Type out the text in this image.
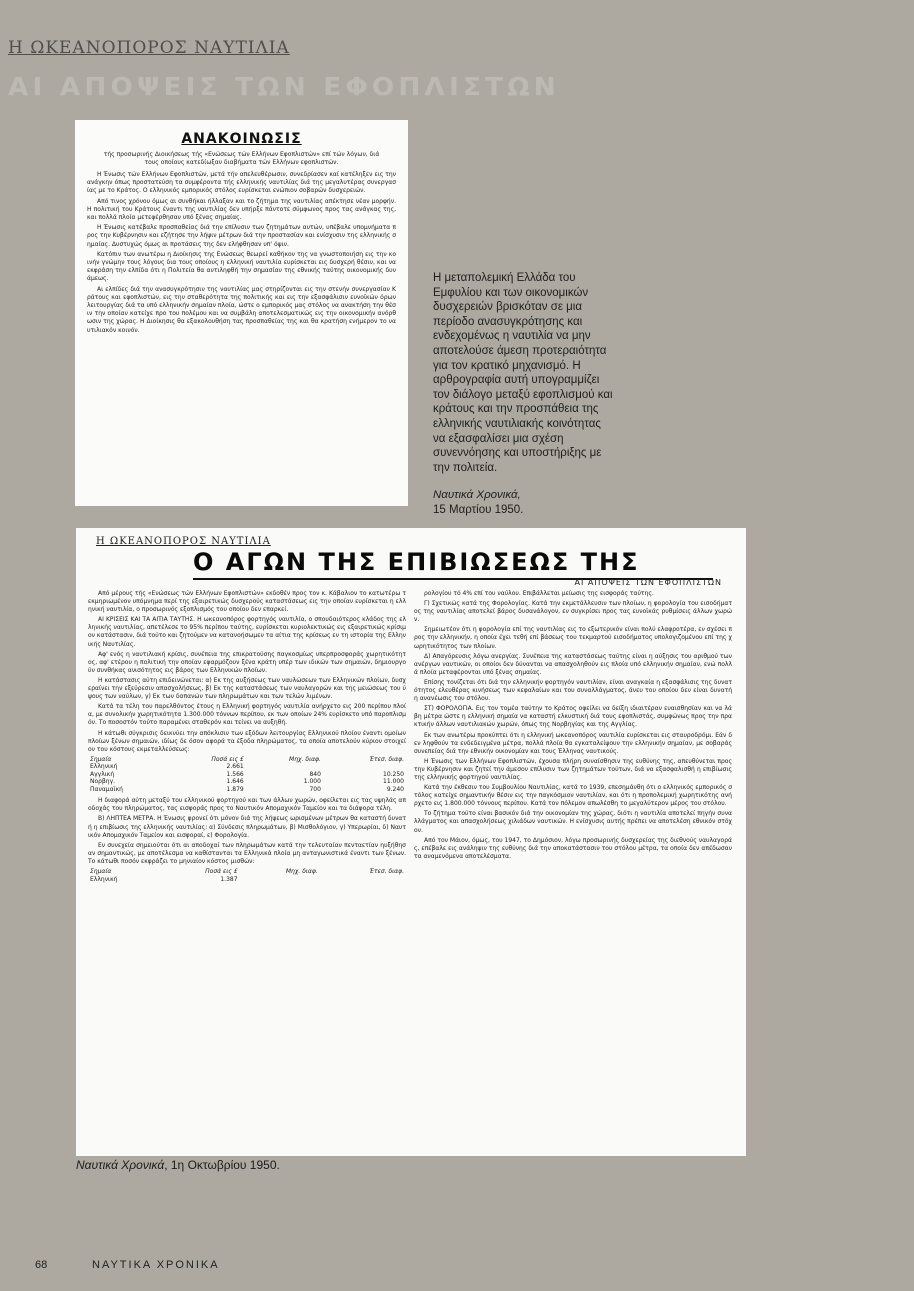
Η ΩΚΕΑΝΟΠΟΡΟΣ ΝΑΥΤΙΛΙΑ
ΑΙ ΑΠΟΨΕΙΣ ΤΩΝ ΕΦΟΠΛΙΣΤΩΝ
ΑΝΑΚΟΙΝΩΣΙΣ
τής προσωρινής Διοικήσεως τής «Ενώσεως τών Ελλήνων Εφοπλιστών» επί τών λόγων, διά τους οποίους κατεδίωξαν διαβήματα τών Ελλήνων εφοπλιστών.

Η Ένωσις τών Ελλήνων Εφοπλιστών, μετά τήν απελευθέρωσιν, συνεδρίασεν καί κατέληξεν εις την ανάγκην όπως προστατεύση τα συμφέροντα τής ελληνικής ναυτιλίας διά της μεγαλυτέρας συνεργασίας με το Κράτος. Ο ελληνικός εμπορικός στόλος ευρίσκεται ενώπιον σοβαρών δυσχερειών.

Από τινος χρόνου όμως αι συνθήκαι ήλλαξαν και το ζήτημα της ναυτιλίας απέκτησε νέαν μορφήν. Η πολιτική του Κράτους έναντι της ναυτιλίας δεν υπήρξε πάντοτε σύμφωνος προς τας ανάγκας της, και πολλά πλοία μετεφέρθησαν υπό ξένας σημαίας.

Η Ένωσις κατέβαλε προσπαθείας διά την επίλυσιν των ζητημάτων αυτών, υπέβαλε υπομνήματα προς την Κυβέρνησιν και εζήτησε την λήψιν μέτρων διά την προστασίαν και ενίσχυσιν της ελληνικής σημαίας. Δυστυχώς όμως αι προτάσεις της δεν ελήφθησαν υπ' όψιν.

Κατόπιν των ανωτέρω η Διοίκησις της Ενώσεως θεωρεί καθήκον της να γνωστοποιήση εις την κοινήν γνώμην τους λόγους δια τους οποίους η ελληνική ναυτιλία ευρίσκεται εις δυσχερή θέσιν, και να εκφράση την ελπίδα ότι η Πολιτεία θα αντιληφθή την σημασίαν της εθνικής ταύτης οικονομικής δυνάμεως.

Αι ελπίδες διά την ανασυγκρότησιν της ναυτιλίας μας στηρίζονται εις την στενήν συνεργασίαν Κράτους και εφοπλιστών, εις την σταθερότητα της πολιτικής και εις την εξασφάλισιν ευνοϊκών όρων λειτουργίας διά τα υπό ελληνικήν σημαίαν πλοία, ώστε ο εμπορικός μας στόλος να ανακτήση την θέσιν την οποίαν κατείχε προ του πολέμου και να συμβάλη αποτελεσματικώς εις την οικονομικήν ανόρθωσιν της χώρας. Η Διοίκησις θα εξακολουθήση τας προσπαθείας της και θα κρατήση ενήμερον το ναυτιλιακόν κοινόν.

Η μεταπολεμική Ελλάδα του Εμφυλίου και των οικονομικών δυσχερειών βρισκόταν σε μια περίοδο ανασυγκρότησης και ενδεχομένως η ναυτιλία να μην αποτελούσε άμεση προτεραιότητα για τον κρατικό μηχανισμό. Η αρθρογραφία αυτή υπογραμμίζει τον διάλογο μεταξύ εφοπλισμού και κράτους και την προσπάθεια της ελληνικής ναυτιλιακής κοινότητας να εξασφαλίσει μια σχέση συνεννόησης και υποστήριξης με την πολιτεία.
Ναυτικά Χρονικά,
15 Μαρτίου 1950.
Η ΩΚΕΑΝΟΠΟΡΟΣ ΝΑΥΤΙΛΙΑ
Ο ΑΓΩΝ ΤΗΣ ΕΠΙΒΙΩΣΕΩΣ ΤΗΣ
ΑΙ ΑΠΟΨΕΙΣ ΤΩΝ ΕΦΟΠΛΙΣΤΩΝ

Από μέρους τής «Ενώσεως τών Ελλήνων Εφοπλιστών» εκδοθέν προς τον κ. Κάβαλιον το κατωτέρω τεκμηριωμένον υπόμνημα περί της εξαιρετικώς δυσχερούς καταστάσεως εις την οποίαν ευρίσκεται η ελληνική ναυτιλία, ο προσωρινός εξοπλισμός του οποίου δεν επαρκεί.

ΑΙ ΚΡΙΣΕΙΣ ΚΑΙ ΤΑ ΑΙΤΙΑ ΤΑΥΤΗΣ. Η ωκεανοπόρος φορτηγός ναυτιλία, ο σπουδαιότερος κλάδος της ελληνικής ναυτιλίας, απετέλεσε το 95% περίπου ταύτης, ευρίσκεται κυριολεκτικώς εις εξαιρετικώς κρίσιμον κατάστασιν, διά τούτο και ζητούμεν να κατανοήσωμεν τα αίτια της κρίσεως εν τη ιστορία της Ελληνικής Ναυτιλίας.

Αφ' ενός η ναυτιλιακή κρίσις, συνέπεια της επικρατούσης παγκοσμίως υπερπροσφοράς χωρητικότητος, αφ' ετέρου η πολιτική την οποίαν εφαρμόζουν ξένα κράτη υπέρ των ιδικών των σημαιών, δημιουργούν συνθήκας ανισότητος εις βάρος των Ελληνικών πλοίων.

Η κατάστασις αύτη επιδεινώνεται: α) Εκ της αυξήσεως των ναυλώσεων των Ελληνικών πλοίων, δυσχεραίνει την εξεύρεσιν απασχολήσεως, β) Εκ της καταστάσεως των ναυλαγορών και της μειώσεως του ύψους των ναύλων, γ) Εκ των δαπανών των πληρωμάτων και των τελών λιμένων.

Κατά τα τέλη του παρελθόντος έτους η Ελληνική φορτηγός ναυτιλία ανήρχετο εις 200 περίπου πλοία, με συνολικήν χωρητικότητα 1.300.000 τόννων περίπου, εκ των οποίων 24% ευρίσκετο υπό παροπλισμόν. Το ποσοστόν τούτο παραμένει σταθερόν και τείνει να αυξηθή.

Η κάτωθι σύγκρισις δεικνύει την απόκλισιν των εξόδων λειτουργίας Ελληνικού πλοίου έναντι ομοίων πλοίων ξένων σημαιών, ιδίως δε όσον αφορά τα έξοδα πληρώματος, τα οποία αποτελούν κύριον στοιχείον του κόστους εκμεταλλεύσεως:

Σημαία	Ποσά εις £	Μηχ. διαφ.	Έτεσ. διαφ.
Ελληνική	2.661		
Αγγλική	1.566	840	10.250
Νορβηγ.	1.646	1.000	11.000
Παναμαϊκή	1.879	700	9.240

Η διαφορά αύτη μεταξύ του ελληνικού φορτηγού και των άλλων χωρών, οφείλεται εις τας υψηλάς αποδοχάς του πληρώματος, τας εισφοράς προς το Ναυτικόν Απομαχικόν Ταμείον και τα διάφορα τέλη.

Β) ΛΗΠΤΕΑ ΜΕΤΡΑ. Η Ένωσις φρονεί ότι μόνον διά της λήψεως ωρισμένων μέτρων θα καταστή δυνατή η επιβίωσις της ελληνικής ναυτιλίας: α) Σύνδεσις πληρωμάτων, β) Μισθολόγιον, γ) Υπερωρίαι, δ) Ναυτικόν Απομαχικόν Ταμείον και εισφοραί, ε) Φορολογία.

Εν συνεχεία σημειούται ότι αι αποδοχαί των πληρωμάτων κατά την τελευταίαν πενταετίαν ηυξήθησαν σημαντικώς, με αποτέλεσμα να καθίστανται τα Ελληνικά πλοία μη ανταγωνιστικά έναντι των ξένων. Το κάτωθι ποσόν εκφράζει το μηνιαίον κόστος μισθών:

Σημαία	Ποσά εις £	Μηχ. διαφ.	Έτεσ. διαφ.
Ελληνική	1.387		

ρολογίου τό 4% επί του ναύλου. Επιβάλλεται μείωσις της εισφοράς ταύτης.

Γ) Σχετικώς κατά της Φορολογίας. Κατά την εκμετάλλευσιν των πλοίων, η φορολογία του εισοδήματος της ναυτιλίας αποτελεί βάρος δυσανάλογον, εν συγκρίσει προς τας ευνοϊκάς ρυθμίσεις άλλων χωρών.

Σημειωτέον ότι η φορολογία επί της ναυτιλίας εις το εξωτερικόν είναι πολύ ελαφροτέρα, εν σχέσει προς την ελληνικήν, η οποία έχει τεθή επί βάσεως του τεκμαρτού εισοδήματος υπολογιζομένου επί της χωρητικότητος των πλοίων.

Δ) Απαγόρευσις λόγω ανεργίας. Συνέπεια της καταστάσεως ταύτης είναι η αύξησις του αριθμού των ανέργων ναυτικών, οι οποίοι δεν δύνανται να απασχοληθούν εις πλοία υπό ελληνικήν σημαίαν, ενώ πολλά πλοία μεταφέρονται υπό ξένας σημαίας.

Επίσης τονίζεται ότι διά την ελληνικήν φορτηγόν ναυτιλίαν, είναι αναγκαία η εξασφάλισις της δυνατότητος ελευθέρας κινήσεως των κεφαλαίων και του συναλλάγματος, άνευ του οποίου δεν είναι δυνατή η ανανέωσις του στόλου.

ΣΤ) ΦΟΡΟΛΟΓΙΑ. Εις τον τομέα ταύτην το Κράτος οφείλει να δείξη ιδιαιτέραν ευαισθησίαν και να λάβη μέτρα ώστε η ελληνική σημαία να καταστή ελκυστική διά τους εφοπλιστάς, συμφώνως προς την πρακτικήν άλλων ναυτιλιακών χωρών, όπως της Νορβηγίας και της Αγγλίας.

Εκ των ανωτέρω προκύπτει ότι η ελληνική ωκεανοπόρος ναυτιλία ευρίσκεται εις σταυροδρόμι. Εάν δεν ληφθούν τα ενδεδειγμένα μέτρα, πολλά πλοία θα εγκαταλείψουν την ελληνικήν σημαίαν, με σοβαράς συνεπείας διά την εθνικήν οικονομίαν και τους Έλληνας ναυτικούς.

Η Ένωσις των Ελλήνων Εφοπλιστών, έχουσα πλήρη συναίσθησιν της ευθύνης της, απευθύνεται προς την Κυβέρνησιν και ζητεί την άμεσον επίλυσιν των ζητημάτων τούτων, διά να εξασφαλισθή η επιβίωσις της ελληνικής φορτηγού ναυτιλίας.

Κατά την έκθεσιν του Συμβουλίου Ναυτιλίας, κατά το 1939, επεσημάνθη ότι ο ελληνικός εμπορικός στόλος κατείχε σημαντικήν θέσιν εις την παγκόσμιον ναυτιλίαν, και ότι η προπολεμική χωρητικότης ανήρχετο εις 1.800.000 τόννους περίπου. Κατά τον πόλεμον απωλέσθη το μεγαλύτερον μέρος του στόλου.

Το ζήτημα τούτο είναι βασικόν διά την οικονομίαν της χώρας, διότι η ναυτιλία αποτελεί πηγήν συναλλάγματος και απασχολήσεως χιλιάδων ναυτικών. Η ενίσχυσις αυτής πρέπει να αποτελέση εθνικόν στόχον.

Από τον Μάιον, όμως, του 1947, το Δημόσιον, λόγω προσωρινής δυσχερείας της διεθνούς ναυλαγοράς, επέβαλε εις ανάληψιν της ευθύνης διά την αποκατάστασιν του στόλου μέτρα, τα οποία δεν απέδωσαν τα αναμενόμενα αποτελέσματα.

Ναυτικά Χρονικά, 1η Οκτωβρίου 1950.
68	ΝΑΥΤΙΚΑ ΧΡΟΝΙΚΑ
